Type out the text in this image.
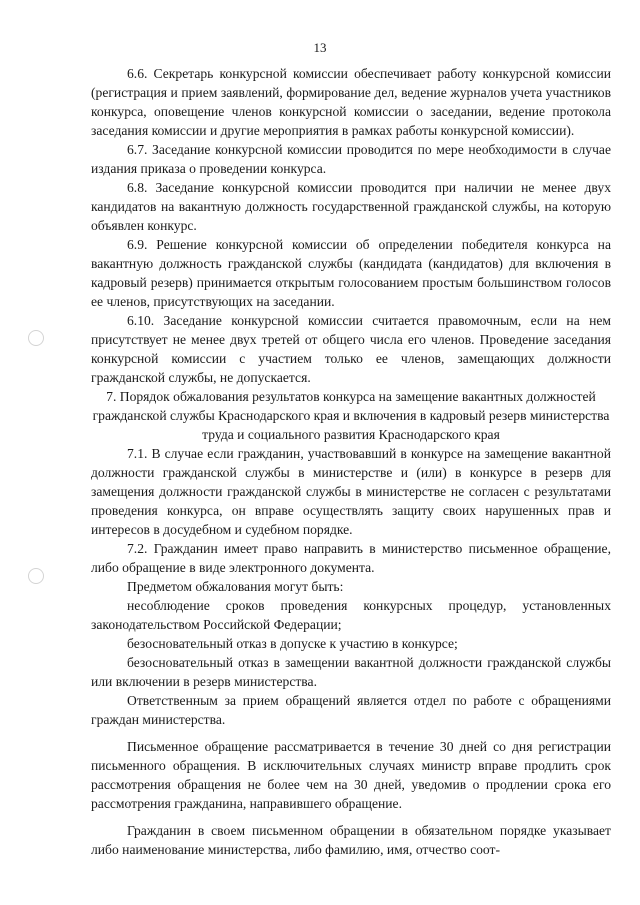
13

6.6. Секретарь конкурсной комиссии обеспечивает работу конкурсной комиссии (регистрация и прием заявлений, формирование дел, ведение журналов учета участников конкурса, оповещение членов конкурсной комиссии о заседании, ведение протокола заседания комиссии и другие мероприятия в рамках работы конкурсной комиссии).

6.7. Заседание конкурсной комиссии проводится по мере необходимости в случае издания приказа о проведении конкурса.

6.8. Заседание конкурсной комиссии проводится при наличии не менее двух кандидатов на вакантную должность государственной гражданской службы, на которую объявлен конкурс.

6.9. Решение конкурсной комиссии об определении победителя конкурса на вакантную должность гражданской службы (кандидата (кандидатов) для включения в кадровый резерв) принимается открытым голосованием простым большинством голосов ее членов, присутствующих на заседании.

6.10. Заседание конкурсной комиссии считается правомочным, если на нем присутствует не менее двух третей от общего числа его членов. Проведение заседания конкурсной комиссии с участием только ее членов, замещающих должности гражданской службы, не допускается.

7. Порядок обжалования результатов конкурса на замещение вакантных должностей гражданской службы Краснодарского края и включения в кадровый резерв министерства труда и социального развития Краснодарского края

7.1. В случае если гражданин, участвовавший в конкурсе на замещение вакантной должности гражданской службы в министерстве и (или) в конкурсе в резерв для замещения должности гражданской службы в министерстве не согласен с результатами проведения конкурса, он вправе осуществлять защиту своих нарушенных прав и интересов в досудебном и судебном порядке.

7.2. Гражданин имеет право направить в министерство письменное обращение, либо обращение в виде электронного документа.

Предметом обжалования могут быть:

несоблюдение сроков проведения конкурсных процедур, установленных законодательством Российской Федерации;

безосновательный отказ в допуске к участию в конкурсе;

безосновательный отказ в замещении вакантной должности гражданской службы или включении в резерв министерства.

Ответственным за прием обращений является отдел по работе с обращениями граждан министерства.

Письменное обращение рассматривается в течение 30 дней со дня регистрации письменного обращения. В исключительных случаях министр вправе продлить срок рассмотрения обращения не более чем на 30 дней, уведомив о продлении срока его рассмотрения гражданина, направившего обращение.

Гражданин в своем письменном обращении в обязательном порядке указывает либо наименование министерства, либо фамилию, имя, отчество соот-
